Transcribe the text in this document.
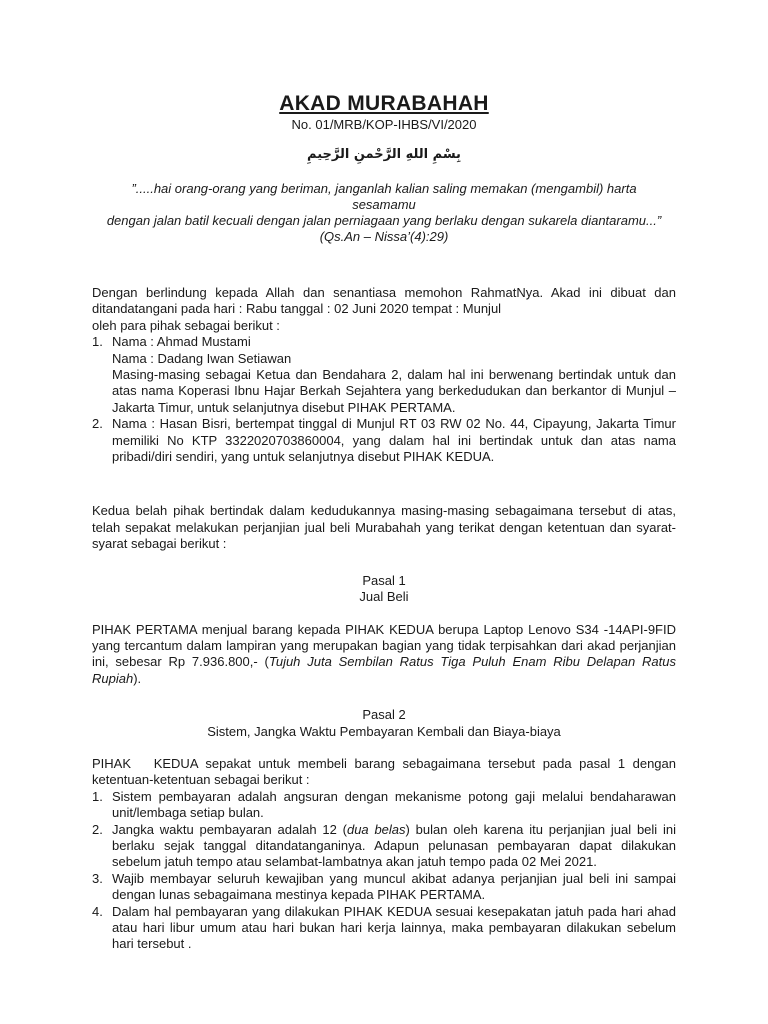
AKAD MURABAHAH
No. 01/MRB/KOP-IHBS/VI/2020
بِسْمِ اللهِ الرَّحْمنِ الرَّحِيمِ
”.....hai orang-orang yang beriman, janganlah kalian saling memakan (mengambil) harta sesamamu
dengan jalan batil kecuali dengan jalan perniagaan yang berlaku dengan sukarela diantaramu...”
(Qs.An – Nissa’(4):29)

Dengan berlindung kepada Allah dan senantiasa memohon RahmatNya. Akad ini dibuat dan ditandatangani pada hari : Rabu tanggal : 02 Juni 2020 tempat : Munjul

oleh para pihak sebagai berikut :

1. Nama : Ahmad Mustami
Nama : Dadang Iwan Setiawan
Masing-masing sebagai Ketua dan Bendahara 2, dalam hal ini berwenang bertindak untuk dan atas nama Koperasi Ibnu Hajar Berkah Sejahtera yang berkedudukan dan berkantor di Munjul – Jakarta Timur, untuk selanjutnya disebut PIHAK PERTAMA.
2. Nama : Hasan Bisri, bertempat tinggal di Munjul RT 03 RW 02 No. 44, Cipayung, Jakarta Timur memiliki No KTP 3322020703860004, yang dalam hal ini bertindak untuk dan atas nama pribadi/diri sendiri, yang untuk selanjutnya disebut PIHAK KEDUA.

Kedua belah pihak bertindak dalam kedudukannya masing-masing sebagaimana tersebut di atas, telah sepakat melakukan perjanjian jual beli Murabahah yang terikat dengan ketentuan dan syarat-syarat sebagai berikut :

Pasal 1
Jual Beli

PIHAK PERTAMA menjual barang kepada PIHAK KEDUA berupa Laptop Lenovo S34 -14API-9FID yang tercantum dalam lampiran yang merupakan bagian yang tidak terpisahkan dari akad perjanjian ini, sebesar Rp 7.936.800,- (Tujuh Juta Sembilan Ratus Tiga Puluh Enam Ribu Delapan Ratus Rupiah).

Pasal 2
Sistem, Jangka Waktu Pembayaran Kembali dan Biaya-biaya

PIHAK   KEDUA sepakat untuk membeli barang sebagaimana tersebut pada pasal 1 dengan ketentuan-ketentuan sebagai berikut :

1. Sistem pembayaran adalah angsuran dengan mekanisme potong gaji melalui bendaharawan unit/lembaga setiap bulan.
2. Jangka waktu pembayaran adalah 12 (dua belas) bulan oleh karena itu perjanjian jual beli ini berlaku sejak tanggal ditandatanganinya. Adapun pelunasan pembayaran dapat dilakukan sebelum jatuh tempo atau selambat-lambatnya akan jatuh tempo pada 02 Mei 2021.
3. Wajib membayar seluruh kewajiban yang muncul akibat adanya perjanjian jual beli ini sampai dengan lunas sebagaimana mestinya kepada PIHAK PERTAMA.
4. Dalam hal pembayaran yang dilakukan PIHAK KEDUA sesuai kesepakatan jatuh pada hari ahad atau hari libur umum atau hari bukan hari kerja lainnya, maka pembayaran dilakukan sebelum hari tersebut .
